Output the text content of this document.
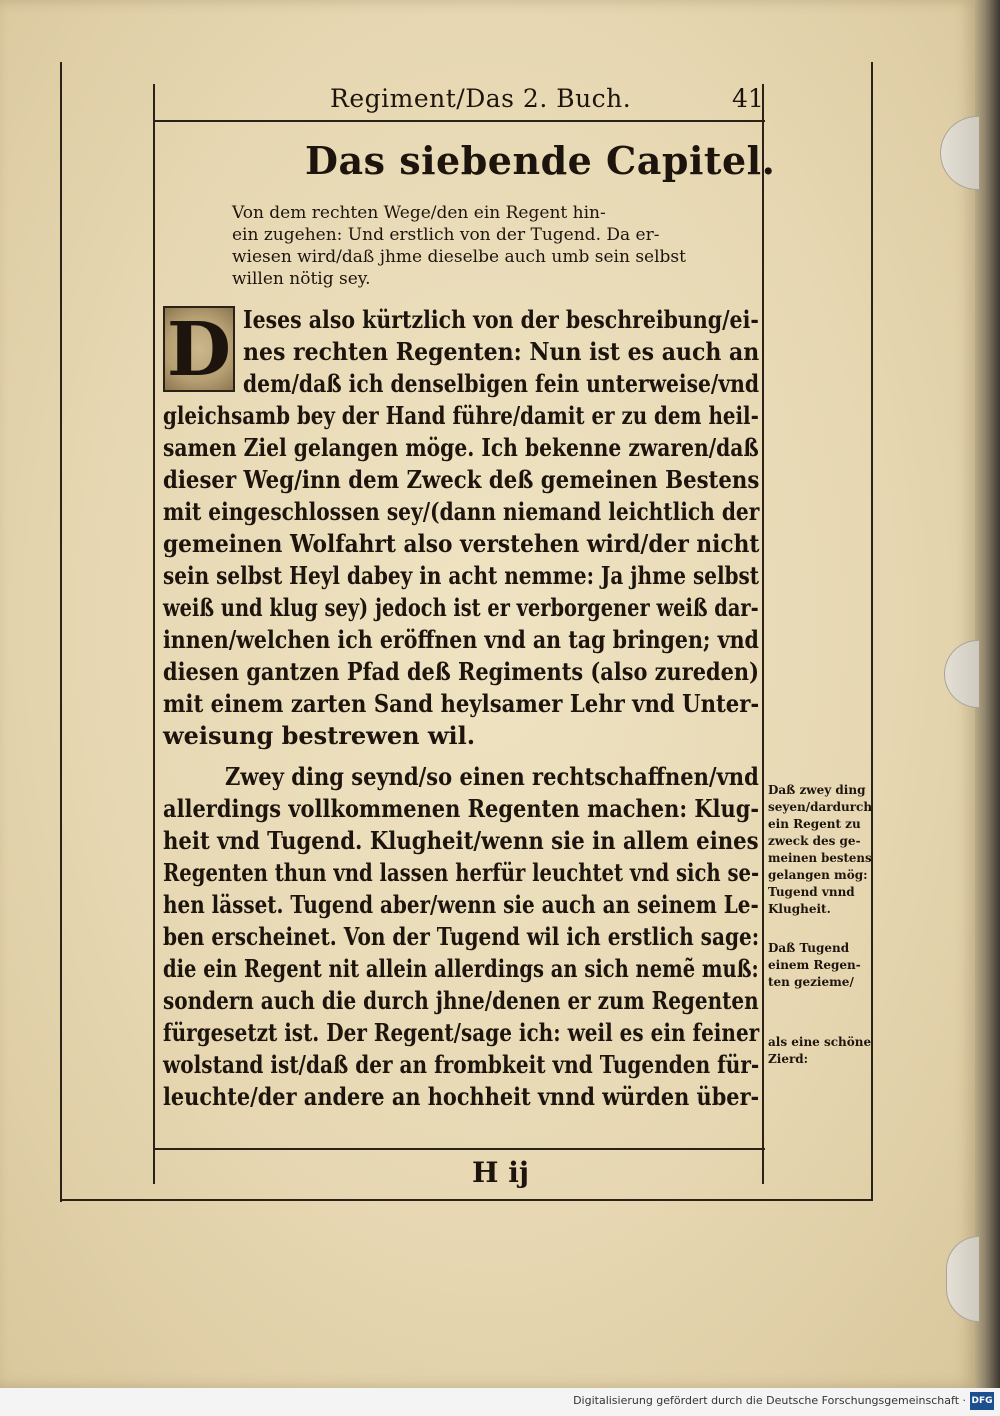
Regiment/Das 2. Buch.	41
Das siebende Capitel.
Von dem rechten Wege/den ein Regent hin-
ein zugehen: Und erstlich von der Tugend. Da er-
wiesen wird/daß jhme dieselbe auch umb sein selbst
willen nötig sey.
D Ieses also kürtzlich von der beschreibung/ei-
nes rechten Regenten: Nun ist es auch an
dem/daß ich denselbigen fein unterweise/vnd
gleichsamb bey der Hand führe/damit er zu dem heil-
samen Ziel gelangen möge. Ich bekenne zwaren/daß
dieser Weg/inn dem Zweck deß gemeinen Bestens
mit eingeschlossen sey/(dann niemand leichtlich der
gemeinen Wolfahrt also verstehen wird/der nicht
sein selbst Heyl dabey in acht nemme: Ja jhme selbst
weiß und klug sey) jedoch ist er verborgener weiß dar-
innen/welchen ich eröffnen vnd an tag bringen; vnd
diesen gantzen Pfad deß Regiments (also zureden)
mit einem zarten Sand heylsamer Lehr vnd Unter-
weisung bestrewen wil.
Zwey ding seynd/so einen rechtschaffnen/vnd
allerdings vollkommenen Regenten machen: Klug-
heit vnd Tugend. Klugheit/wenn sie in allem eines
Regenten thun vnd lassen herfür leuchtet vnd sich se-
hen lässet. Tugend aber/wenn sie auch an seinem Le-
ben erscheinet. Von der Tugend wil ich erstlich sage:
die ein Regent nit allein allerdings an sich nemẽ muß:
sondern auch die durch jhne/denen er zum Regenten
fürgesetzt ist. Der Regent/sage ich: weil es ein feiner
wolstand ist/daß der an frombkeit vnd Tugenden für-
leuchte/der andere an hochheit vnnd würden über-
Daß zwey ding
seyen/dardurch
ein Regent zu
zweck des ge-
meinen bestens
gelangen mög:
Tugend vnnd
Klugheit.
Daß Tugend
einem Regen-
ten gezieme/
als eine schöne
Zierd:
H ij
Digitalisierung gefördert durch die Deutsche Forschungsgemeinschaft · DFG
